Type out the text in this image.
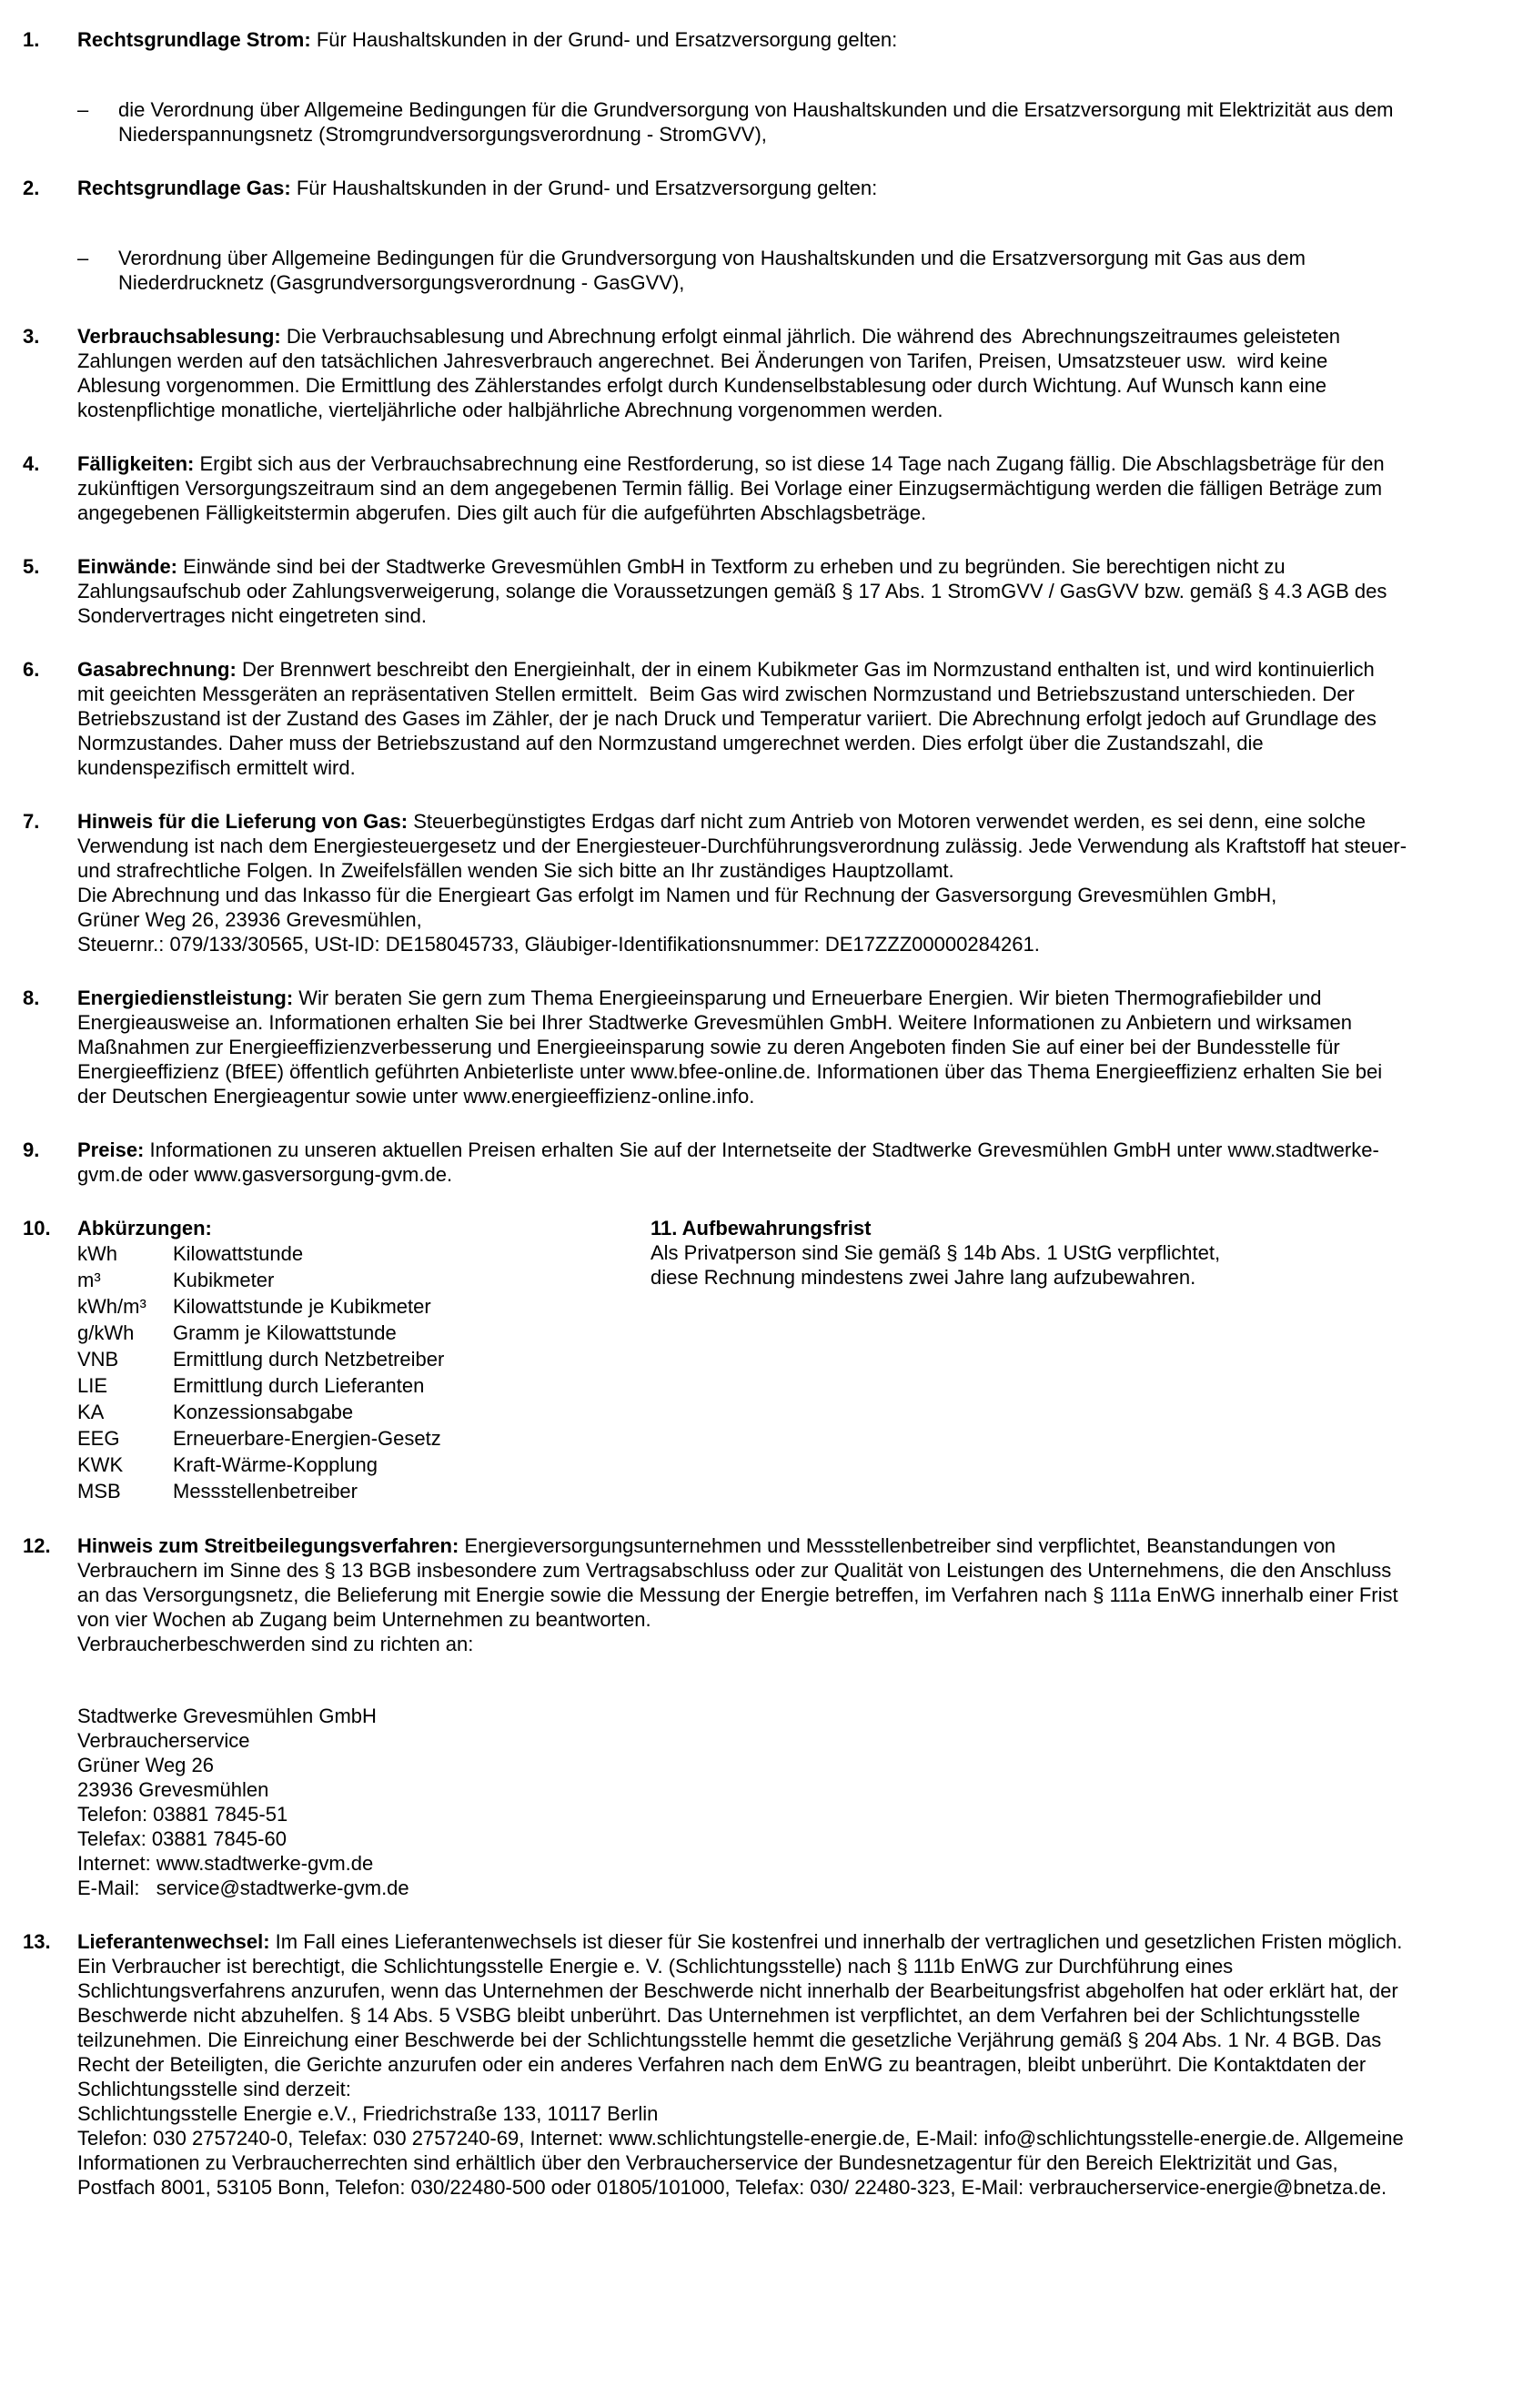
1.	Rechtsgrundlage Strom: Für Haushaltskunden in der Grund- und Ersatzversorgung gelten:

–	die Verordnung über Allgemeine Bedingungen für die Grundversorgung von Haushaltskunden und die Ersatzversorgung mit Elektrizität aus dem Niederspannungsnetz (Stromgrundversorgungsverordnung - StromGVV),

2.	Rechtsgrundlage Gas: Für Haushaltskunden in der Grund- und Ersatzversorgung gelten:

–	Verordnung über Allgemeine Bedingungen für die Grundversorgung von Haushaltskunden und die Ersatzversorgung mit Gas aus dem Niederdrucknetz (Gasgrundversorgungsverordnung - GasGVV),

3.	Verbrauchsablesung: Die Verbrauchsablesung und Abrechnung erfolgt einmal jährlich. Die während des  Abrechnungszeitraumes geleisteten Zahlungen werden auf den tatsächlichen Jahresverbrauch angerechnet. Bei Änderungen von Tarifen, Preisen, Umsatzsteuer usw.  wird keine Ablesung vorgenommen. Die Ermittlung des Zählerstandes erfolgt durch Kundenselbstablesung oder durch Wichtung. Auf Wunsch kann eine kostenpflichtige monatliche, vierteljährliche oder halbjährliche Abrechnung vorgenommen werden.

4.	Fälligkeiten: Ergibt sich aus der Verbrauchsabrechnung eine Restforderung, so ist diese 14 Tage nach Zugang fällig. Die Abschlagsbeträge für den zukünftigen Versorgungszeitraum sind an dem angegebenen Termin fällig. Bei Vorlage einer Einzugsermächtigung werden die fälligen Beträge zum angegebenen Fälligkeitstermin abgerufen. Dies gilt auch für die aufgeführten Abschlagsbeträge.

5.	Einwände: Einwände sind bei der Stadtwerke Grevesmühlen GmbH in Textform zu erheben und zu begründen. Sie berechtigen nicht zu Zahlungsaufschub oder Zahlungsverweigerung, solange die Voraussetzungen gemäß § 17 Abs. 1 StromGVV / GasGVV bzw. gemäß § 4.3 AGB des Sondervertrages nicht eingetreten sind.

6.	Gasabrechnung: Der Brennwert beschreibt den Energieinhalt, der in einem Kubikmeter Gas im Normzustand enthalten ist, und wird kontinuierlich  mit geeichten Messgeräten an repräsentativen Stellen ermittelt.  Beim Gas wird zwischen Normzustand und Betriebszustand unterschieden. Der Betriebszustand ist der Zustand des Gases im Zähler, der je nach Druck und Temperatur variiert. Die Abrechnung erfolgt jedoch auf Grundlage des Normzustandes. Daher muss der Betriebszustand auf den Normzustand umgerechnet werden. Dies erfolgt über die Zustandszahl, die kundenspezifisch ermittelt wird.

7.	Hinweis für die Lieferung von Gas: Steuerbegünstigtes Erdgas darf nicht zum Antrieb von Motoren verwendet werden, es sei denn, eine solche Verwendung ist nach dem Energiesteuergesetz und der Energiesteuer-Durchführungsverordnung zulässig. Jede Verwendung als Kraftstoff hat steuer- und strafrechtliche Folgen. In Zweifelsfällen wenden Sie sich bitte an Ihr zuständiges Hauptzollamt.

Die Abrechnung und das Inkasso für die Energieart Gas erfolgt im Namen und für Rechnung der Gasversorgung Grevesmühlen GmbH,
Grüner Weg 26, 23936 Grevesmühlen,
Steuernr.: 079/133/30565, USt-ID: DE158045733, Gläubiger-Identifikationsnummer: DE17ZZZ00000284261.
8.	Energiedienstleistung: Wir beraten Sie gern zum Thema Energieeinsparung und Erneuerbare Energien. Wir bieten Thermografiebilder und Energieausweise an. Informationen erhalten Sie bei Ihrer Stadtwerke Grevesmühlen GmbH. Weitere Informationen zu Anbietern und wirksamen Maßnahmen zur Energieeffizienzverbesserung und Energieeinsparung sowie zu deren Angeboten finden Sie auf einer bei der Bundesstelle für Energieeffizienz (BfEE) öffentlich geführten Anbieterliste unter www.bfee-online.de. Informationen über das Thema Energieeffizienz erhalten Sie bei der Deutschen Energieagentur sowie unter www.energieeffizienz-online.info.

9.	Preise: Informationen zu unseren aktuellen Preisen erhalten Sie auf der Internetseite der Stadtwerke Grevesmühlen GmbH unter www.stadtwerke-gvm.de oder www.gasversorgung-gvm.de.

10.	Abkürzungen:

kWh	Kilowattstunde
m³	Kubikmeter
kWh/m³	Kilowattstunde je Kubikmeter
g/kWh	Gramm je Kilowattstunde
VNB	Ermittlung durch Netzbetreiber
LIE	Ermittlung durch Lieferanten
KA	Konzessionsabgabe
EEG	Erneuerbare-Energien-Gesetz
KWK	Kraft-Wärme-Kopplung
MSB	Messstellenbetreiber

11. Aufbewahrungsfrist

Als Privatperson sind Sie gemäß § 14b Abs. 1 UStG verpflichtet,
diese Rechnung mindestens zwei Jahre lang aufzubewahren.
12.	Hinweis zum Streitbeilegungsverfahren: Energieversorgungsunternehmen und Messstellenbetreiber sind verpflichtet, Beanstandungen von Verbrauchern im Sinne des § 13 BGB insbesondere zum Vertragsabschluss oder zur Qualität von Leistungen des Unternehmens, die den Anschluss an das Versorgungsnetz, die Belieferung mit Energie sowie die Messung der Energie betreffen, im Verfahren nach § 111a EnWG innerhalb einer Frist von vier Wochen ab Zugang beim Unternehmen zu beantworten.

Verbraucherbeschwerden sind zu richten an:
Stadtwerke Grevesmühlen GmbH
Verbraucherservice
Grüner Weg 26
23936 Grevesmühlen
Telefon: 03881 7845-51
Telefax: 03881 7845-60
Internet: www.stadtwerke-gvm.de
E-Mail:   service@stadtwerke-gvm.de
13.	Lieferantenwechsel: Im Fall eines Lieferantenwechsels ist dieser für Sie kostenfrei und innerhalb der vertraglichen und gesetzlichen Fristen möglich.

Ein Verbraucher ist berechtigt, die Schlichtungsstelle Energie e. V. (Schlichtungsstelle) nach § 111b EnWG zur Durchführung eines Schlichtungsverfahrens anzurufen, wenn das Unternehmen der Beschwerde nicht innerhalb der Bearbeitungsfrist abgeholfen hat oder erklärt hat, der Beschwerde nicht abzuhelfen. § 14 Abs. 5 VSBG bleibt unberührt. Das Unternehmen ist verpflichtet, an dem Verfahren bei der Schlichtungsstelle teilzunehmen. Die Einreichung einer Beschwerde bei der Schlichtungsstelle hemmt die gesetzliche Verjährung gemäß § 204 Abs. 1 Nr. 4 BGB. Das Recht der Beteiligten, die Gerichte anzurufen oder ein anderes Verfahren nach dem EnWG zu beantragen, bleibt unberührt. Die Kontaktdaten der Schlichtungsstelle sind derzeit:

Schlichtungsstelle Energie e.V., Friedrichstraße 133, 10117 Berlin

Telefon: 030 2757240-0, Telefax: 030 2757240-69, Internet: www.schlichtungstelle-energie.de, E-Mail: info@schlichtungsstelle-energie.de. Allgemeine Informationen zu Verbraucherrechten sind erhältlich über den Verbraucherservice der Bundesnetzagentur für den Bereich Elektrizität und Gas, Postfach 8001, 53105 Bonn, Telefon: 030/22480-500 oder 01805/101000, Telefax: 030/ 22480-323, E-Mail: verbraucherservice-energie@bnetza.de.
